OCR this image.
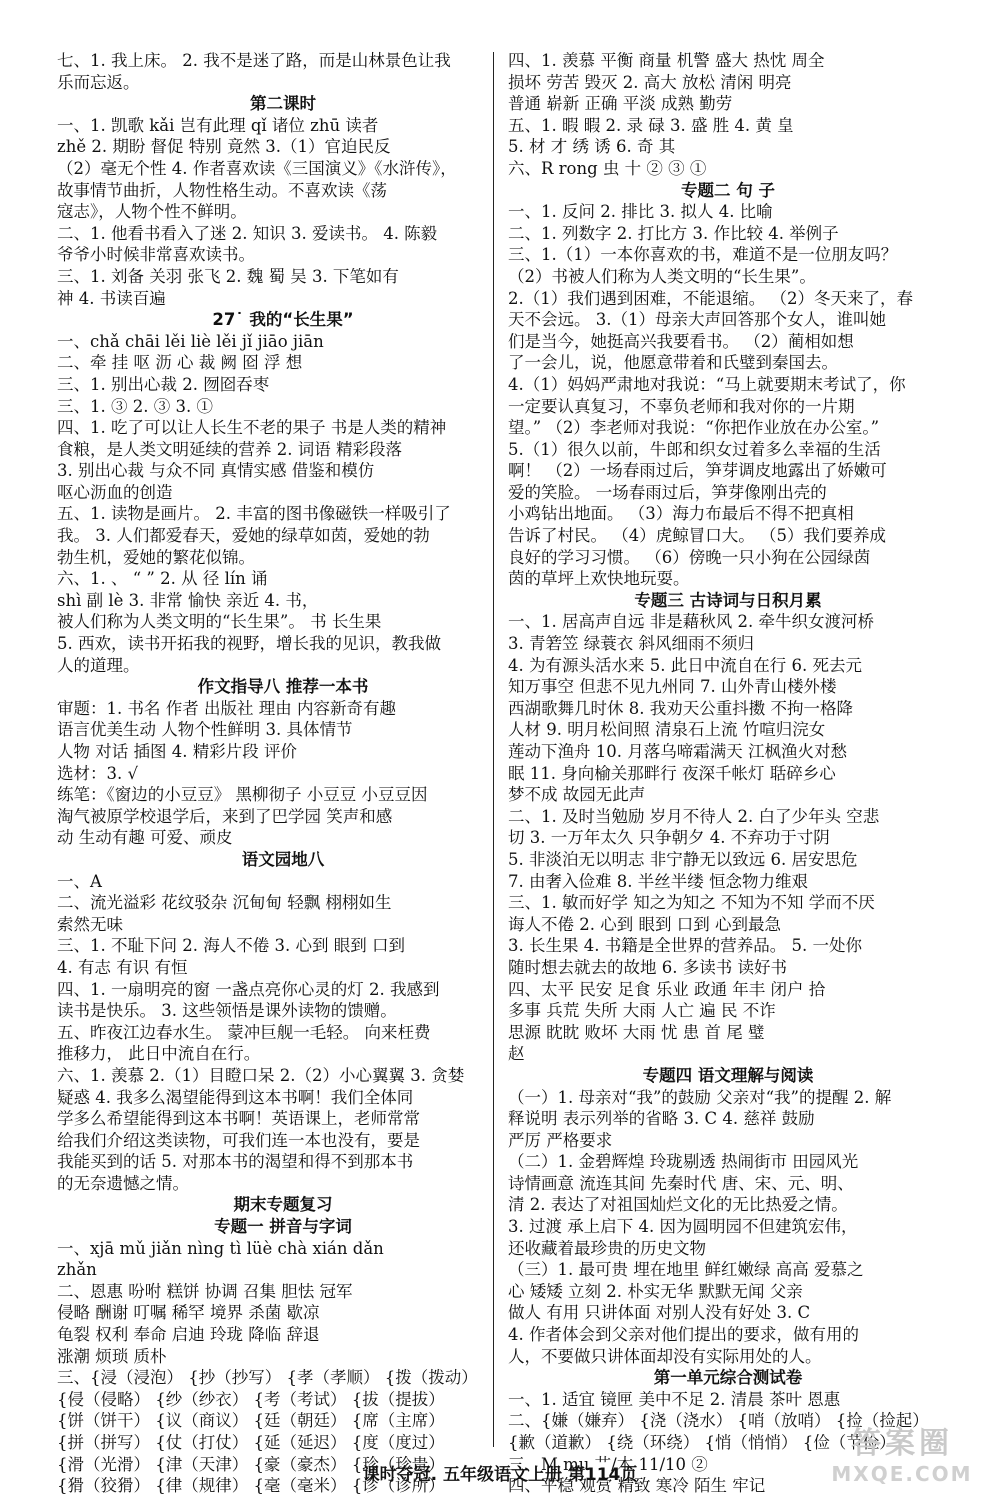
七、1. 我上床。 2. 我不是迷了路，而是山林景色让我
乐而忘返。
第二课时
一、1. 凯歌 kǎi 岂有此理 qǐ 诸位 zhū 读者
zhě 2. 期盼 督促 特别 竟然 3.（1）官迫民反
（2）毫无个性 4. 作者喜欢读《三国演义》《水浒传》，
故事情节曲折，人物性格生动。不喜欢读《荡
寇志》，人物个性不鲜明。
二、1. 他看书看入了迷 2. 知识 3. 爱读书。 4. 陈毅
爷爷小时候非常喜欢读书。
三、1. 刘备 关羽 张飞 2. 魏 蜀 吴 3. 下笔如有
神 4. 书读百遍
27˙ 我的“长生果”
一、chǎ chāi lěi liè lěi jǐ jiāo jiān
二、牵 挂 呕 沥 心 裁 阙 囵 浮 想
三、1. 别出心裁 2. 囫囵吞枣
三、1. ③ 2. ③ 3. ①
四、1. 吃了可以让人长生不老的果子 书是人类的精神
食粮，是人类文明延续的营养 2. 词语 精彩段落
3. 别出心裁 与众不同 真情实感 借鉴和模仿
呕心沥血的创造
五、1. 读物是画片。 2. 丰富的图书像磁铁一样吸引了
我。 3. 人们都爱春天，爱她的绿草如茵，爱她的勃
勃生机，爱她的繁花似锦。
六、1. 、 “ ” 2. 从 径 lín 诵
shì 副 lè 3. 非常 愉快 亲近 4. 书，
被人们称为人类文明的“长生果”。 书 长生果
5. 西欢，读书开拓我的视野，增长我的见识，教我做
人的道理。
作文指导八 推荐一本书
审题：1. 书名 作者 出版社 理由 内容新奇有趣
语言优美生动 人物个性鲜明 3. 具体情节
人物 对话 插图 4. 精彩片段 评价
选材：3. √
练笔：《窗边的小豆豆》 黑柳彻子 小豆豆 小豆豆因
淘气被原学校退学后，来到了巴学园 笑声和感
动 生动有趣 可爱、顽皮
语文园地八
一、A
二、流光溢彩 花纹驳杂 沉甸甸 轻飘 栩栩如生
索然无味
三、1. 不耻下问 2. 海人不倦 3. 心到 眼到 口到
4. 有志 有识 有恒
四、1. 一扇明亮的窗 一盏点亮你心灵的灯 2. 我感到
读书是快乐。 3. 这些领悟是课外读物的馈赠。
五、昨夜江边春水生。 蒙冲巨舰一毛轻。 向来枉费
推移力， 此日中流自在行。
六、1. 羡慕 2.（1）目瞪口呆 2.（2）小心翼翼 3. 贪婪
疑惑 4. 我多么渴望能得到这本书啊！我们全体同
学多么希望能得到这本书啊！英语课上，老师常常
给我们介绍这类读物，可我们连一本也没有，要是
我能买到的话 5. 对那本书的渴望和得不到那本书
的无奈遗憾之情。
期末专题复习
专题一 拼音与字词
一、xjā mǔ jiǎn nìng tì lüè chà xián dǎn
zhǎn
二、恩惠 吩咐 糕饼 协调 召集 胆怯 冠军
侵略 酬谢 叮嘱 稀罕 境界 杀菌 歇凉
龟裂 权利 奉命 启迪 玲珑 降临 辞退
涨潮 烦琐 质朴
三、{浸（浸泡） {抄（抄写） {孝（孝顺） {拨（拨动）
{侵（侵略） {纱（纱衣） {考（考试） {拔（提拔）
{饼（饼干） {议（商议） {廷（朝廷） {席（主席）
{拼（拼写） {仗（打仗） {延（延迟） {度（度过）
{滑（光滑） {津（天津） {豪（豪杰） {珍（珍贵）
{猾（狡猾） {律（规律） {毫（毫米） {诊（诊所）
四、1. 羡慕 平衡 商量 机警 盛大 热忱 周全
损坏 劳苦 毁灭 2. 高大 放松 清闲 明亮
普通 崭新 正确 平淡 成熟 勤劳
五、1. 暇 暇 2. 录 碌 3. 盛 胜 4. 黄 皇
5. 材 才 绣 诱 6. 奇 其
六、R rong 虫 十 ② ③ ①
专题二 句 子
一、1. 反问 2. 排比 3. 拟人 4. 比喻
二、1. 列数字 2. 打比方 3. 作比较 4. 举例子
三、1.（1）一本你喜欢的书，难道不是一位朋友吗？
（2）书被人们称为人类文明的“长生果”。
2.（1）我们遇到困难，不能退缩。 （2）冬天来了，春
天不会远。 3.（1）母亲大声回答那个女人，谁叫她
们是当今，她挺高兴我要看书。 （2）蔺相如想
了一会儿，说，他愿意带着和氏璧到秦国去。
4.（1）妈妈严肃地对我说：“马上就要期末考试了，你
一定要认真复习，不辜负老师和我对你的一片期
望。” （2）李老师对我说：“你把作业放在办公室。”
5.（1）很久以前，牛郎和织女过着多么幸福的生活
啊！ （2）一场春雨过后，笋芽调皮地露出了娇嫩可
爱的笑脸。 一场春雨过后，笋芽像刚出壳的
小鸡钻出地面。 （3）海力布最后不得不把真相
告诉了村民。 （4）虎鲸冒口大。 （5）我们要养成
良好的学习习惯。 （6）傍晚一只小狗在公园绿茵
茵的草坪上欢快地玩耍。
专题三 古诗词与日积月累
一、1. 居高声自远 非是藉秋风 2. 牵牛织女渡河桥
3. 青箬笠 绿蓑衣 斜风细雨不须归
4. 为有源头活水来 5. 此日中流自在行 6. 死去元
知万事空 但悲不见九州同 7. 山外青山楼外楼
西湖歌舞几时休 8. 我劝天公重抖擞 不拘一格降
人材 9. 明月松间照 清泉石上流 竹喧归浣女
莲动下渔舟 10. 月落乌啼霜满天 江枫渔火对愁
眠 11. 身向榆关那畔行 夜深千帐灯 聒碎乡心
梦不成 故园无此声
二、1. 及时当勉励 岁月不待人 2. 白了少年头 空悲
切 3. 一万年太久 只争朝夕 4. 不弃功于寸阴
5. 非淡泊无以明志 非宁静无以致远 6. 居安思危
7. 由奢入俭难 8. 半丝半缕 恒念物力维艰
三、1. 敏而好学 知之为知之 不知为不知 学而不厌
诲人不倦 2. 心到 眼到 口到 心到最急
3. 长生果 4. 书籍是全世界的营养品。 5. 一处你
随时想去就去的故地 6. 多读书 读好书
四、太平 民安 足食 乐业 政通 年丰 闭户 拾
多事 兵荒 失所 大雨 人亡 遍 民 不诈
思源 眈眈 败坏 大雨 忧 患 首 尾 璧
赵
专题四 语文理解与阅读
（一）1. 母亲对“我”的鼓励 父亲对“我”的提醒 2. 解
释说明 表示列举的省略 3. C 4. 慈祥 鼓励
严厉 严格要求
（二）1. 金碧辉煌 玲珑剔透 热闹街市 田园风光
诗情画意 流连其间 先秦时代 唐、宋、元、明、
清 2. 表达了对祖国灿烂文化的无比热爱之情。
3. 过渡 承上启下 4. 因为圆明园不但建筑宏伟，
还收藏着最珍贵的历史文物
（三）1. 最可贵 埋在地里 鲜红嫩绿 高高 爱慕之
心 矮矮 立刻 2. 朴实无华 默默无闻 父亲
做人 有用 只讲体面 对别人没有好处 3. C
4. 作者体会到父亲对他们提出的要求，做有用的
人，不要做只讲体面却没有实际用处的人。
第一单元综合测试卷
一、1. 适宜 镜匣 美中不足 2. 清晨 茶叶 恩惠
二、{嫌（嫌弃） {浇（浇水） {哨（放哨） {捡（捡起）
{歉（道歉） {绕（环绕） {悄（悄悄） {俭（节俭）
三、M mu 艹/木 11/10 ②
四、平稳 观赏 精致 寒冷 陌生 牢记
课时夺冠. 五年级语文上册 第114页
答案圈
MXQE.COM
